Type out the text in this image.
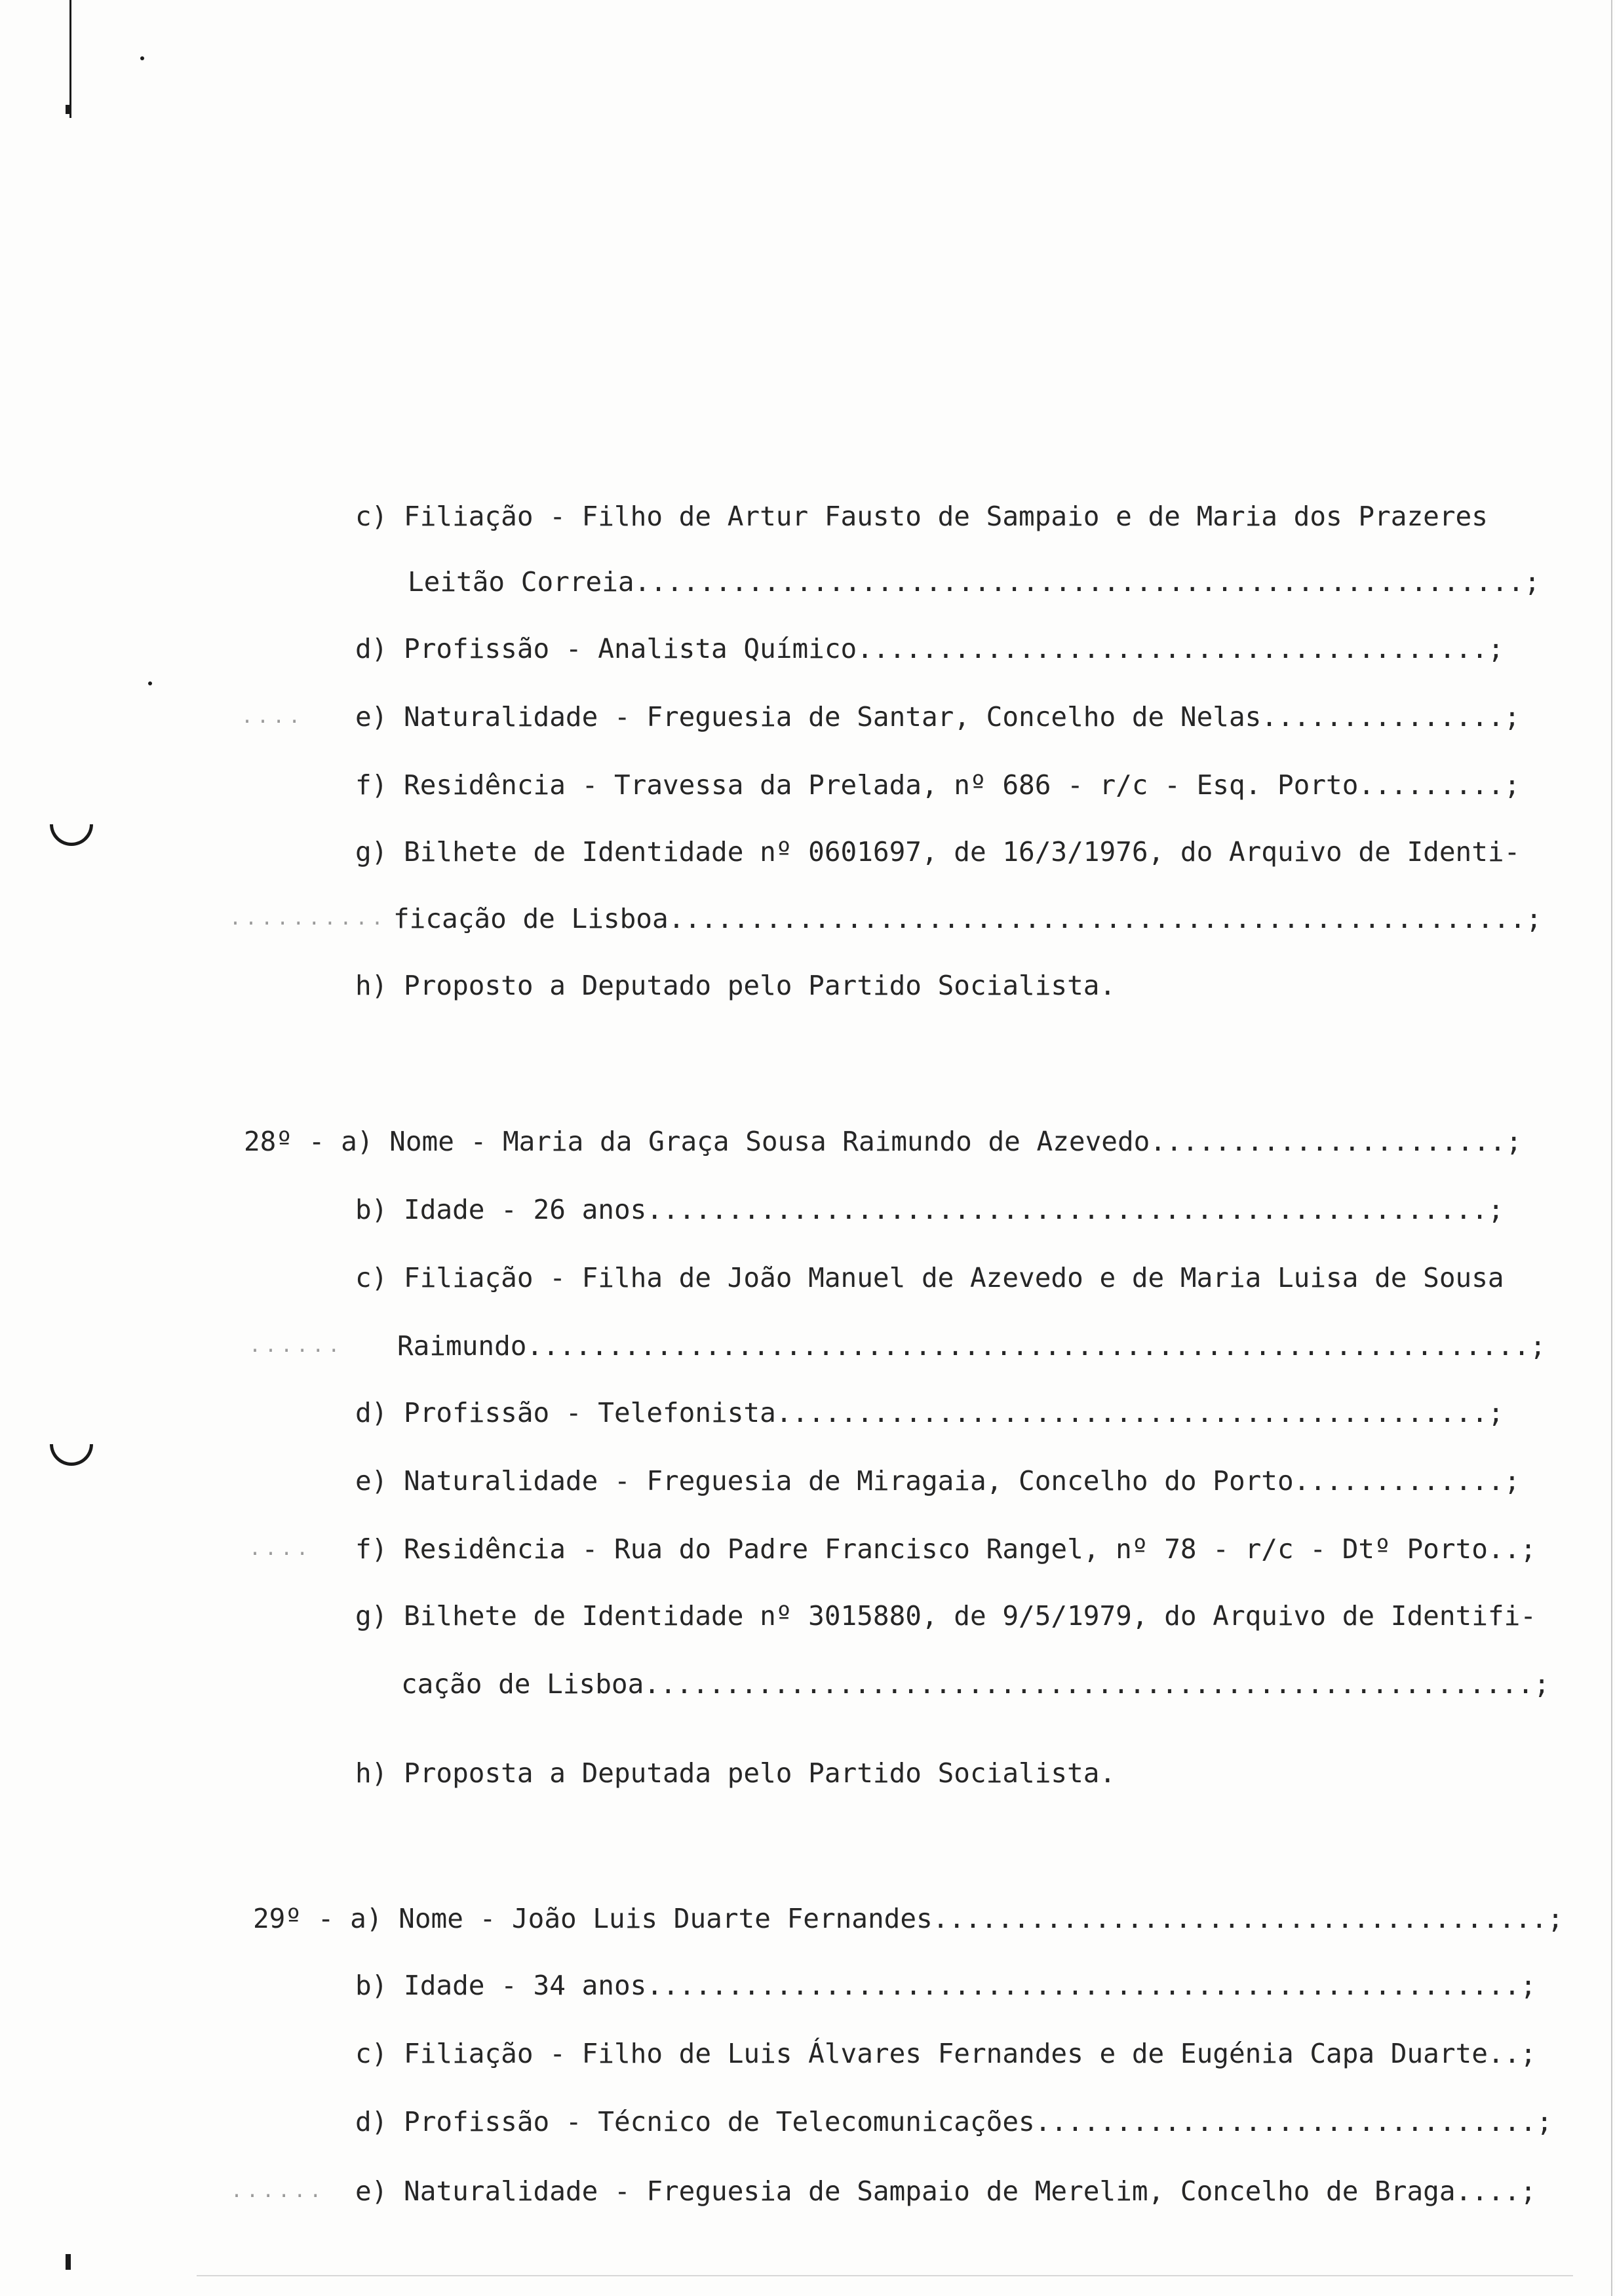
c) Filiação - Filho de Artur Fausto de Sampaio e de Maria dos Prazeres
Leitão Correia.......................................................;
d) Profissão - Analista Químico.......................................;
.... e) Naturalidade - Freguesia de Santar, Concelho de Nelas...............;
f) Residência - Travessa da Prelada, nº 686 - r/c - Esq. Porto.........;
g) Bilhete de Identidade nº 0601697, de 16/3/1976, do Arquivo de Identi-
.......... ficação de Lisboa.....................................................;
h) Proposto a Deputado pelo Partido Socialista.
28º - a) Nome - Maria da Graça Sousa Raimundo de Azevedo......................;
b) Idade - 26 anos....................................................;
c) Filiação - Filha de João Manuel de Azevedo e de Maria Luisa de Sousa
...... Raimundo..............................................................;
d) Profissão - Telefonista............................................;
e) Naturalidade - Freguesia de Miragaia, Concelho do Porto.............;
.... f) Residência - Rua do Padre Francisco Rangel, nº 78 - r/c - Dtº Porto..;
g) Bilhete de Identidade nº 3015880, de 9/5/1979, do Arquivo de Identifi-
cação de Lisboa.......................................................;
h) Proposta a Deputada pelo Partido Socialista.
29º - a) Nome - João Luis Duarte Fernandes......................................;
b) Idade - 34 anos......................................................;
c) Filiação - Filho de Luis Álvares Fernandes e de Eugénia Capa Duarte..;
d) Profissão - Técnico de Telecomunicações...............................;
...... e) Naturalidade - Freguesia de Sampaio de Merelim, Concelho de Braga....;
